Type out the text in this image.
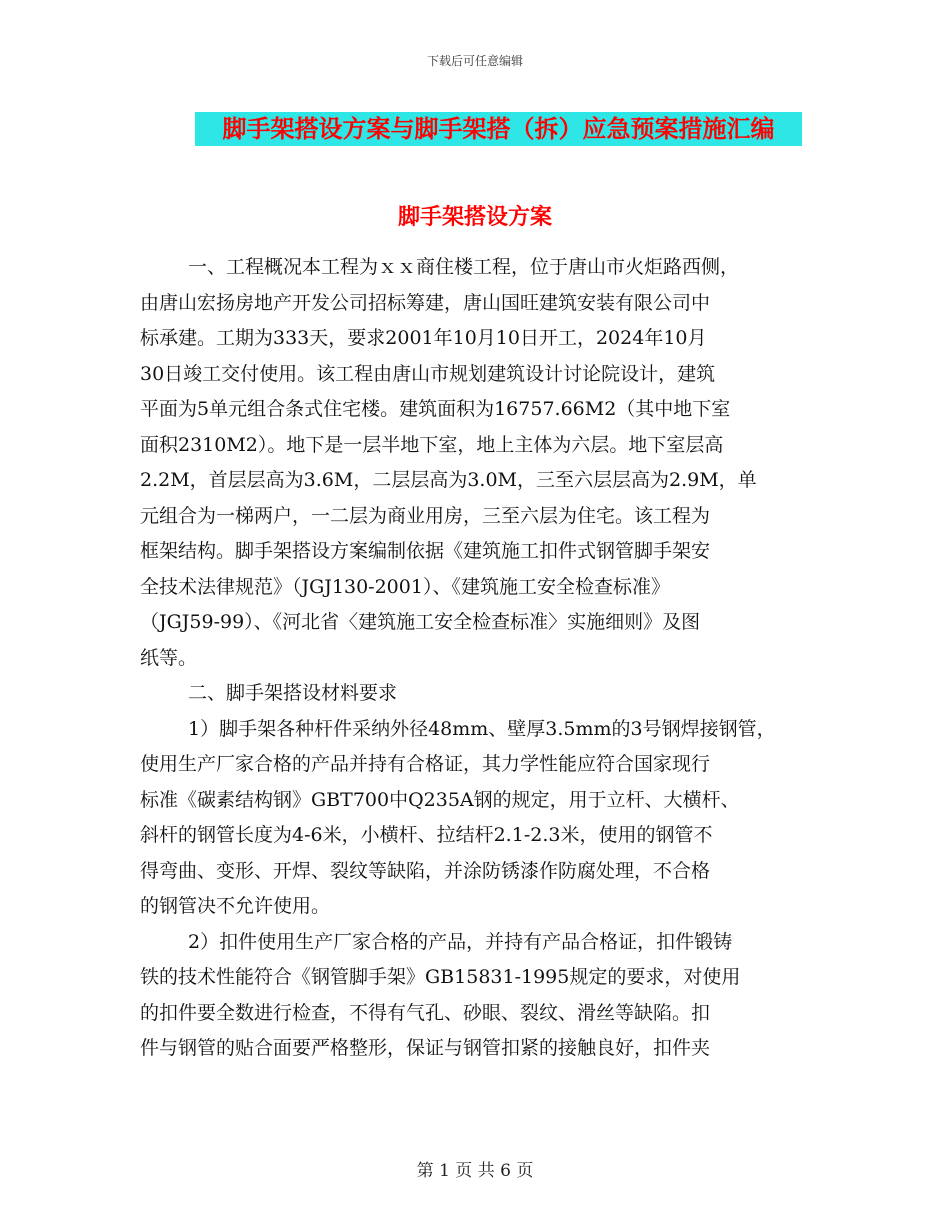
下载后可任意编辑
脚手架搭设方案与脚手架搭（拆）应急预案措施汇编
脚手架搭设方案
一、工程概况本工程为ｘｘ商住楼工程，位于唐山市火炬路西侧，
由唐山宏扬房地产开发公司招标筹建，唐山国旺建筑安装有限公司中
标承建。工期为333天，要求2001年10月10日开工，2024年10月
30日竣工交付使用。该工程由唐山市规划建筑设计讨论院设计，建筑
平面为5单元组合条式住宅楼。建筑面积为16757.66M2（其中地下室
面积2310M2）。地下是一层半地下室，地上主体为六层。地下室层高
2.2M，首层层高为3.6M，二层层高为3.0M，三至六层层高为2.9M，单
元组合为一梯两户，一二层为商业用房，三至六层为住宅。该工程为
框架结构。脚手架搭设方案编制依据《建筑施工扣件式钢管脚手架安
全技术法律规范》（JGJ130-2001）、《建筑施工安全检查标准》
（JGJ59-99）、《河北省〈建筑施工安全检查标准〉实施细则》及图
纸等。
二、脚手架搭设材料要求
1）脚手架各种杆件采纳外径48mm、壁厚3.5mm的3号钢焊接钢管，
使用生产厂家合格的产品并持有合格证，其力学性能应符合国家现行
标准《碳素结构钢》GBT700中Q235A钢的规定，用于立杆、大横杆、
斜杆的钢管长度为4-6米，小横杆、拉结杆2.1-2.3米，使用的钢管不
得弯曲、变形、开焊、裂纹等缺陷，并涂防锈漆作防腐处理，不合格
的钢管决不允许使用。
2）扣件使用生产厂家合格的产品，并持有产品合格证，扣件锻铸
铁的技术性能符合《钢管脚手架》GB15831-1995规定的要求，对使用
的扣件要全数进行检查，不得有气孔、砂眼、裂纹、滑丝等缺陷。扣
件与钢管的贴合面要严格整形，保证与钢管扣紧的接触良好，扣件夹
第 1 页 共 6 页
